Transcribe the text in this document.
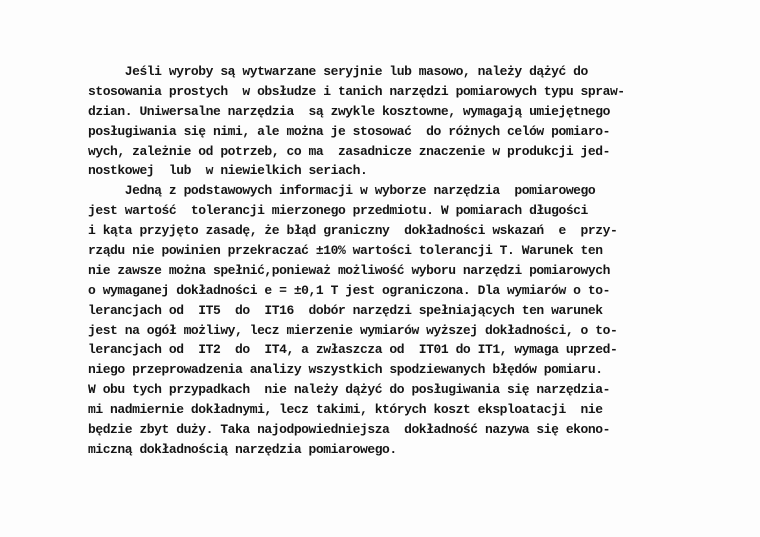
Jeśli wyroby są wytwarzane seryjnie lub masowo, należy dążyć do
stosowania prostych  w obsłudze i tanich narzędzi pomiarowych typu spraw-
dzian. Uniwersalne narzędzia  są zwykle kosztowne, wymagają umiejętnego
posługiwania się nimi, ale można je stosować  do różnych celów pomiaro-
wych, zależnie od potrzeb, co ma  zasadnicze znaczenie w produkcji jed-
nostkowej  lub  w niewielkich seriach.
Jedną z podstawowych informacji w wyborze narzędzia  pomiarowego
jest wartość  tolerancji mierzonego przedmiotu. W pomiarach długości
i kąta przyjęto zasadę, że błąd graniczny  dokładności wskazań  e  przy-
rządu nie powinien przekraczać ±10% wartości tolerancji T. Warunek ten
nie zawsze można spełnić,ponieważ możliwość wyboru narzędzi pomiarowych
o wymaganej dokładności e = ±0,1 T jest ograniczona. Dla wymiarów o to-
lerancjach od  IT5  do  IT16  dobór narzędzi spełniających ten warunek
jest na ogół możliwy, lecz mierzenie wymiarów wyższej dokładności, o to-
lerancjach od  IT2  do  IT4, a zwłaszcza od  IT01 do IT1, wymaga uprzed-
niego przeprowadzenia analizy wszystkich spodziewanych błędów pomiaru.
W obu tych przypadkach  nie należy dążyć do posługiwania się narzędzia-
mi nadmiernie dokładnymi, lecz takimi, których koszt eksploatacji  nie
będzie zbyt duży. Taka najodpowiedniejsza  dokładność nazywa się ekono-
miczną dokładnością narzędzia pomiarowego.
